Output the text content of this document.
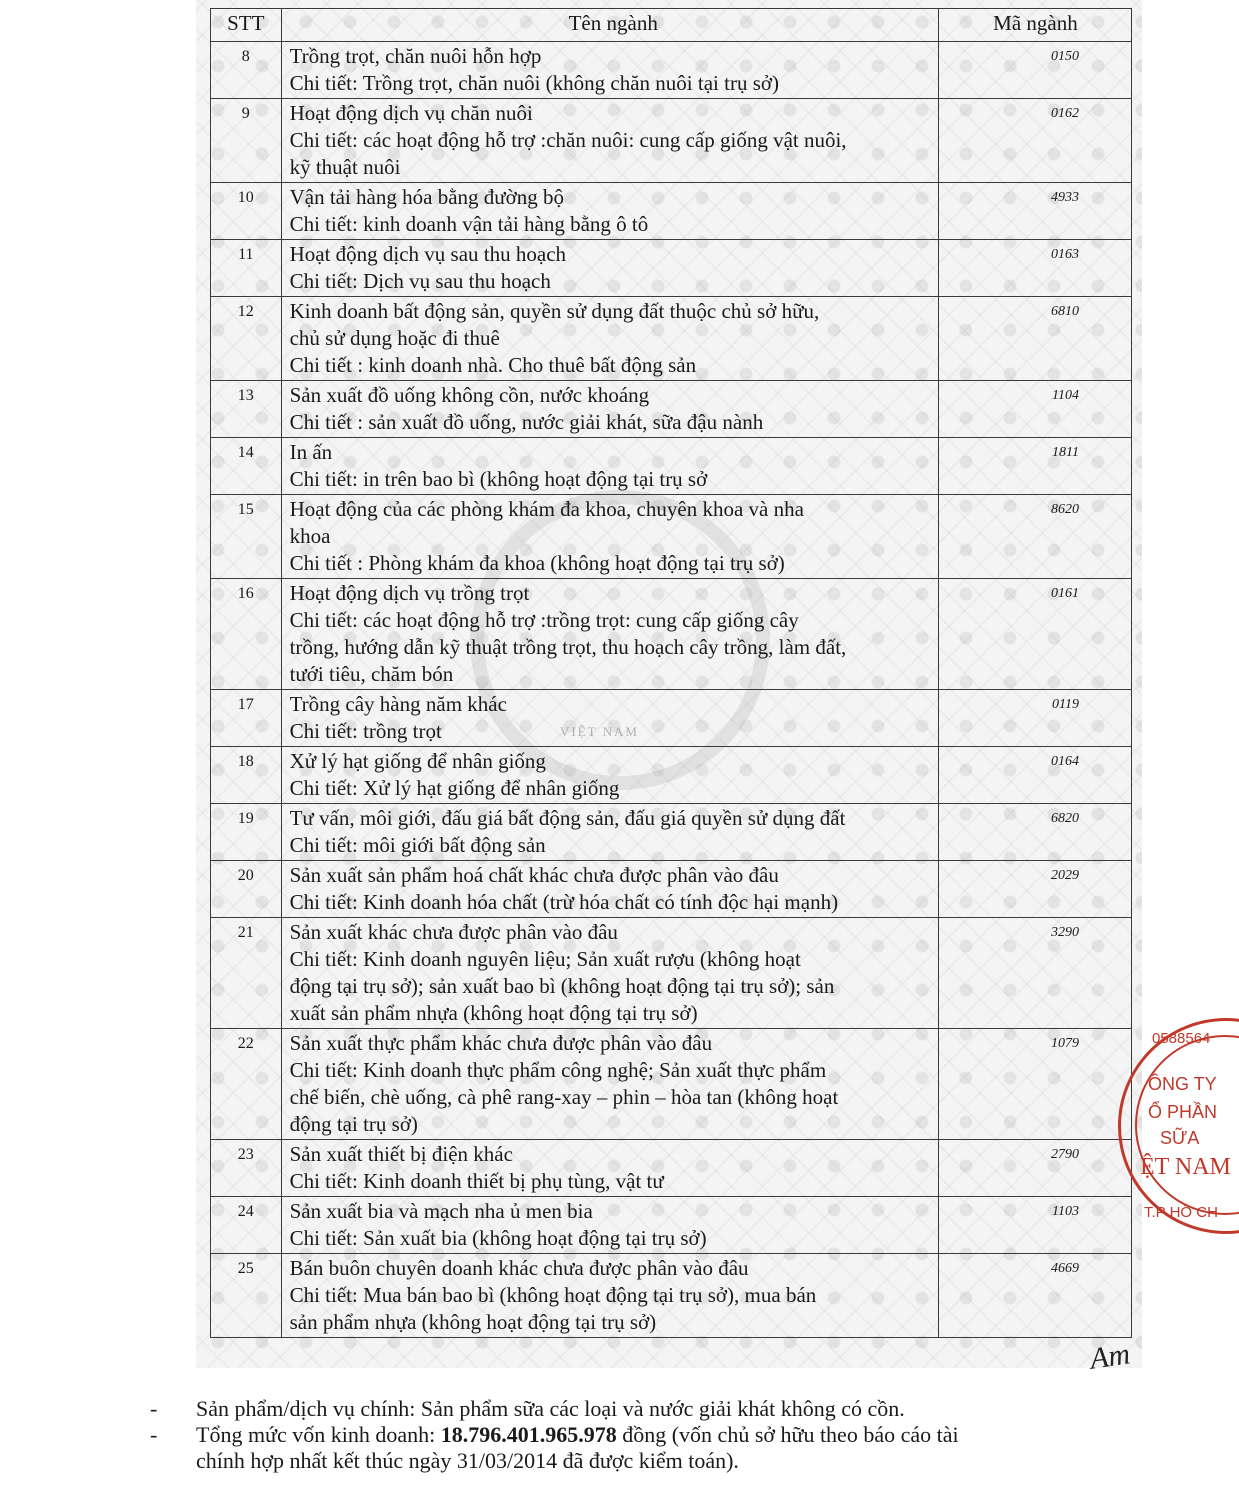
VIỆT NAM
STT	Tên ngành	Mã ngành
8	Trồng trọt, chăn nuôi hỗn hợp
Chi tiết: Trồng trọt, chăn nuôi (không chăn nuôi tại trụ sở)	0150
9	Hoạt động dịch vụ chăn nuôi
Chi tiết: các hoạt động hỗ trợ :chăn nuôi: cung cấp giống vật nuôi,
kỹ thuật nuôi	0162
10	Vận tải hàng hóa bằng đường bộ
Chi tiết: kinh doanh vận tải hàng bằng ô tô	4933
11	Hoạt động dịch vụ sau thu hoạch
Chi tiết: Dịch vụ sau thu hoạch	0163
12	Kinh doanh bất động sản, quyền sử dụng đất thuộc chủ sở hữu,
chủ sử dụng hoặc đi thuê
Chi tiết : kinh doanh nhà. Cho thuê bất động sản	6810
13	Sản xuất đồ uống không cồn, nước khoáng
Chi tiết : sản xuất đồ uống, nước giải khát, sữa đậu nành	1104
14	In ấn
Chi tiết: in trên bao bì (không hoạt động tại trụ sở	1811
15	Hoạt động của các phòng khám đa khoa, chuyên khoa và nha
khoa
Chi tiết : Phòng khám đa khoa (không hoạt động tại trụ sở)	8620
16	Hoạt động dịch vụ trồng trọt
Chi tiết: các hoạt động hỗ trợ :trồng trọt: cung cấp giống cây
trồng, hướng dẫn kỹ thuật trồng trọt, thu hoạch cây trồng, làm đất,
tưới tiêu, chăm bón	0161
17	Trồng cây hàng năm khác
Chi tiết: trồng trọt	0119
18	Xử lý hạt giống để nhân giống
Chi tiết: Xử lý hạt giống để nhân giống	0164
19	Tư vấn, môi giới, đấu giá bất động sản, đấu giá quyền sử dụng đất
Chi tiết: môi giới bất động sản	6820
20	Sản xuất sản phẩm hoá chất khác chưa được phân vào đâu
Chi tiết: Kinh doanh hóa chất (trừ hóa chất có tính độc hại mạnh)	2029
21	Sản xuất khác chưa được phân vào đâu
Chi tiết: Kinh doanh nguyên liệu; Sản xuất rượu (không hoạt
động tại trụ sở); sản xuất bao bì (không hoạt động tại trụ sở); sản
xuất sản phẩm nhựa (không hoạt động tại trụ sở)	3290
22	Sản xuất thực phẩm khác chưa được phân vào đâu
Chi tiết: Kinh doanh thực phẩm công nghệ; Sản xuất thực phẩm
chế biến, chè uống, cà phê rang-xay – phin – hòa tan (không hoạt
động tại trụ sở)	1079
23	Sản xuất thiết bị điện khác
Chi tiết: Kinh doanh thiết bị phụ tùng, vật tư	2790
24	Sản xuất bia và mạch nha ủ men bia
Chi tiết: Sản xuất bia (không hoạt động tại trụ sở)	1103
25	Bán buôn chuyên doanh khác chưa được phân vào đâu
Chi tiết: Mua bán bao bì (không hoạt động tại trụ sở), mua bán
sản phẩm nhựa (không hoạt động tại trụ sở)	4669
Am
0588564
ÔNG TY
Ổ PHẦN
SỮA
ỆT NAM
T.P HỒ CH
- Sản phẩm/dịch vụ chính: Sản phẩm sữa các loại và nước giải khát không có cồn.
- Tổng mức vốn kinh doanh: 18.796.401.965.978 đồng (vốn chủ sở hữu theo báo cáo tài
chính hợp nhất kết thúc ngày 31/03/2014 đã được kiểm toán).
